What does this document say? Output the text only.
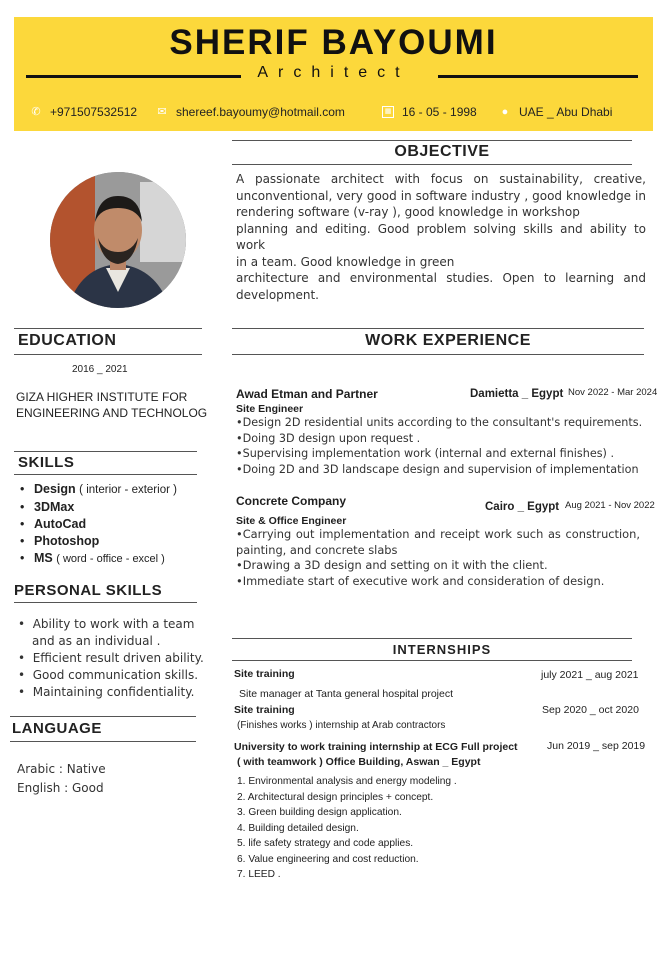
SHERIF BAYOUMI
Architect
✆ +971507532512 ✉ shereef.bayoumy@hotmail.com	▦ 16 - 05 - 1998 ● UAE _ Abu Dhabi
OBJECTIVE
A passionate architect with focus on sustainability, creative,
unconventional, very good in software industry , good knowledge in
rendering software (v-ray ), good knowledge in workshop
planning and editing. Good problem solving skills and ability to work
in a team. Good knowledge in green
architecture and environmental studies. Open to learning and
development.
EDUCATION
2016 _ 2021
GIZA HIGHER INSTITUTE FOR
ENGINEERING AND TECHNOLOG
SKILLS
• Design ( interior - exterior )
• 3DMax
• AutoCad
• Photoshop
• MS ( word - office - excel )
PERSONAL SKILLS
•  Ability to work with a team
and as an individual .
•  Efficient result driven ability.
•  Good communication skills.
•  Maintaining confidentiality.
LANGUAGE
Arabic : Native
English : Good
WORK EXPERIENCE
Awad Etman and Partner	Damietta _ Egypt Nov 2022 - Mar 2024
Site Engineer
•Design 2D residential units according to the consultant's requirements.
•Doing 3D design upon request .
•Supervising implementation work (internal and external finishes) .
•Doing 2D and 3D landscape design and supervision of implementation
Concrete Company	Cairo _ Egypt Aug 2021 - Nov 2022
Site & Office Engineer
•Carrying out implementation and receipt work such as construction,
painting, and concrete slabs
•Drawing a 3D design and setting on it with the client.
•Immediate start of executive work and consideration of design.
INTERNSHIPS
Site training	july 2021 _ aug 2021
Site manager at Tanta general hospital project
Site training	Sep 2020 _ oct 2020
(Finishes works ) internship at Arab contractors
University to work training internship at ECG Full project
( with teamwork ) Office Building, Aswan _ Egypt
Jun 2019 _ sep 2019
1. Environmental analysis and energy modeling .
2. Architectural design principles + concept.
3. Green building design application.
4. Building detailed design.
5. life safety strategy and code applies.
6. Value engineering and cost reduction.
7. LEED .
